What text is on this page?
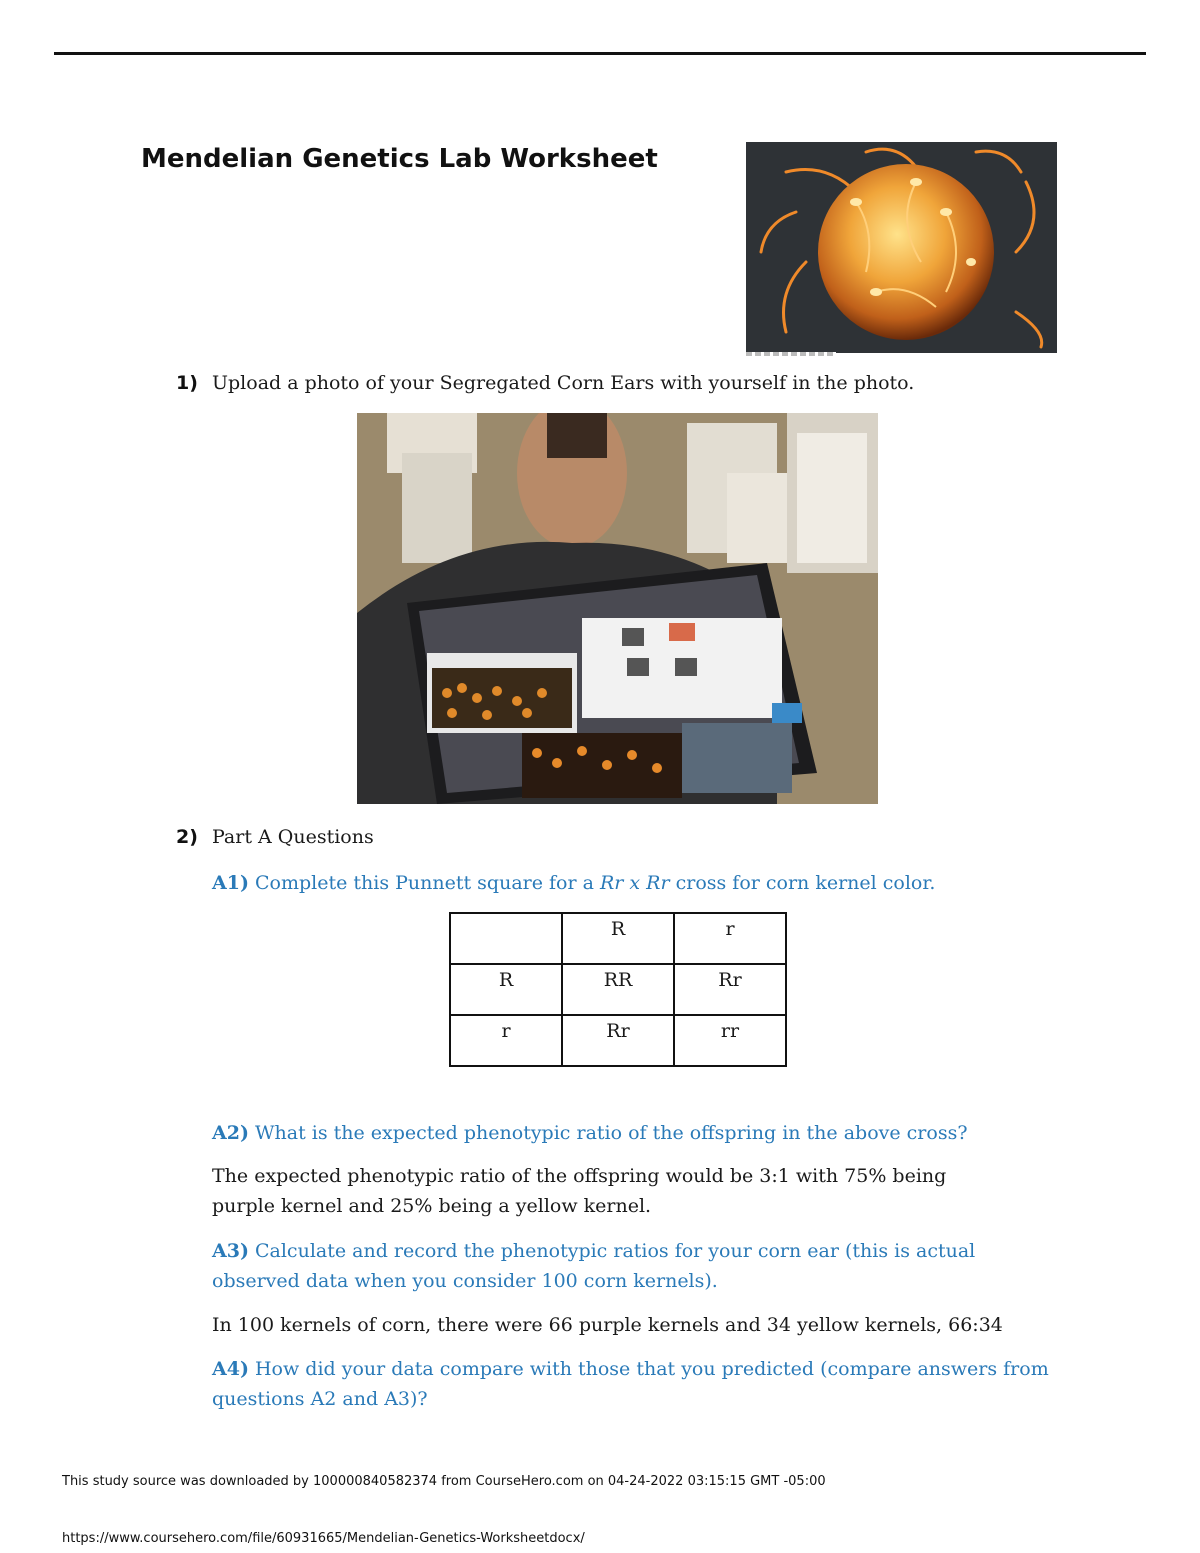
Mendelian Genetics Lab Worksheet
1) Upload a photo of your Segregated Corn Ears with yourself in the photo.
2) Part A Questions
A1) Complete this Punnett square for a Rr x Rr cross for corn kernel color.
	R	r
R	RR	Rr
r	Rr	rr
A2) What is the expected phenotypic ratio of the offspring in the above cross?
The expected phenotypic ratio of the offspring would be 3:1 with 75% being purple kernel and 25% being a yellow kernel.
A3) Calculate and record the phenotypic ratios for your corn ear (this is actual observed data when you consider 100 corn kernels).
In 100 kernels of corn, there were 66 purple kernels and 34 yellow kernels, 66:34
A4) How did your data compare with those that you predicted (compare answers from questions A2 and A3)?
This study source was downloaded by 100000840582374 from CourseHero.com on 04-24-2022 03:15:15 GMT -05:00
https://www.coursehero.com/file/60931665/Mendelian-Genetics-Worksheetdocx/
